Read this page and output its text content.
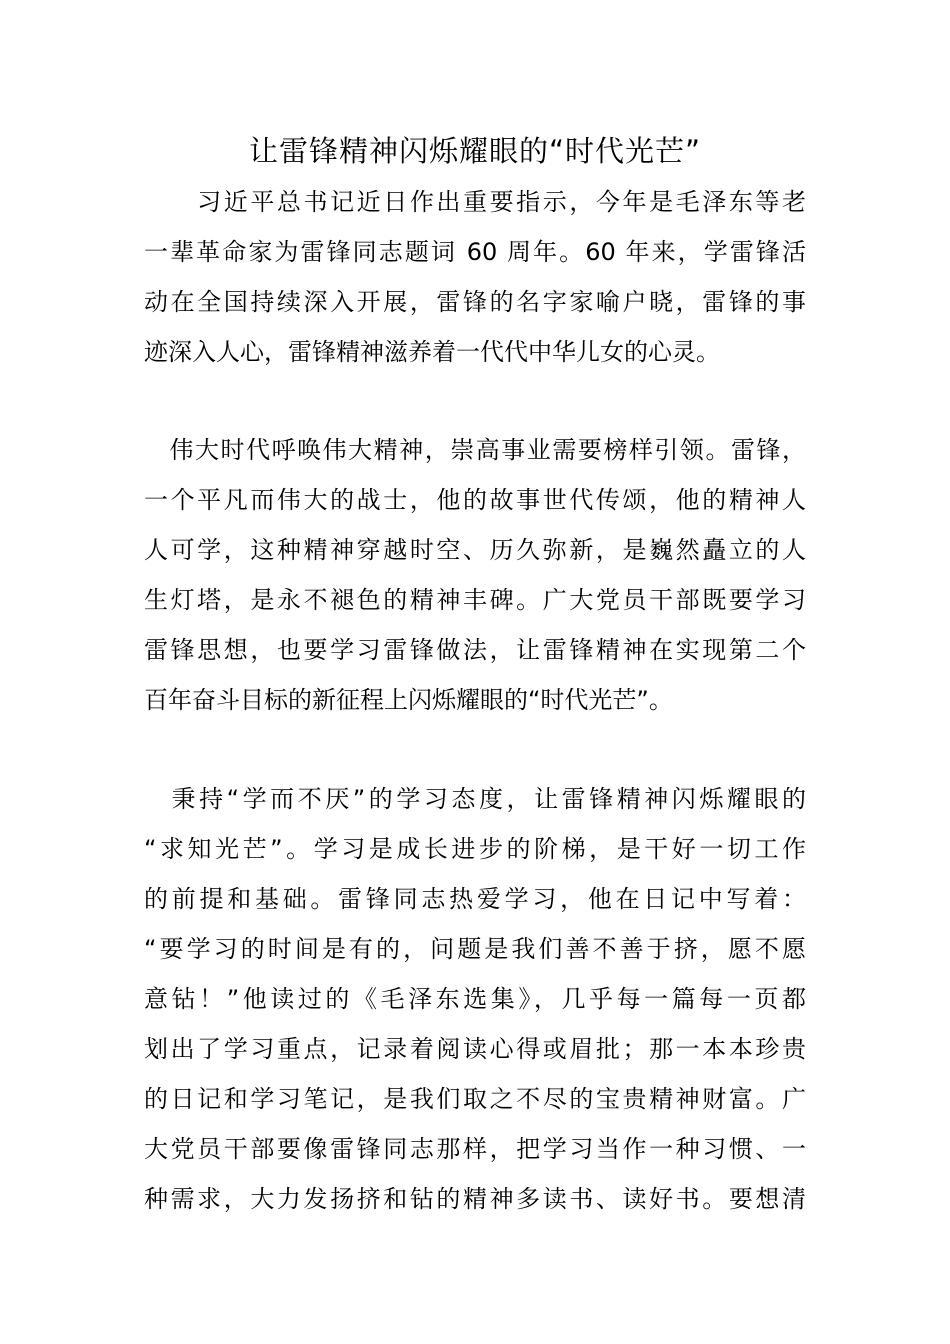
让雷锋精神闪烁耀眼的“时代光芒”
　　习近平总书记近日作出重要指示，今年是毛泽东等老
一辈革命家为雷锋同志题词 60 周年。60 年来，学雷锋活
动在全国持续深入开展，雷锋的名字家喻户晓，雷锋的事
迹深入人心，雷锋精神滋养着一代代中华儿女的心灵。
　伟大时代呼唤伟大精神，崇高事业需要榜样引领。雷锋，
一个平凡而伟大的战士，他的故事世代传颂，他的精神人
人可学，这种精神穿越时空、历久弥新，是巍然矗立的人
生灯塔，是永不褪色的精神丰碑。广大党员干部既要学习
雷锋思想，也要学习雷锋做法，让雷锋精神在实现第二个
百年奋斗目标的新征程上闪烁耀眼的“时代光芒”。
　秉持“学而不厌”的学习态度，让雷锋精神闪烁耀眼的
“求知光芒”。学习是成长进步的阶梯，是干好一切工作
的前提和基础。雷锋同志热爱学习，他在日记中写着：
“要学习的时间是有的，问题是我们善不善于挤，愿不愿
意钻！”他读过的《毛泽东选集》，几乎每一篇每一页都
划出了学习重点，记录着阅读心得或眉批；那一本本珍贵
的日记和学习笔记，是我们取之不尽的宝贵精神财富。广
大党员干部要像雷锋同志那样，把学习当作一种习惯、一
种需求，大力发扬挤和钻的精神多读书、读好书。要想清
